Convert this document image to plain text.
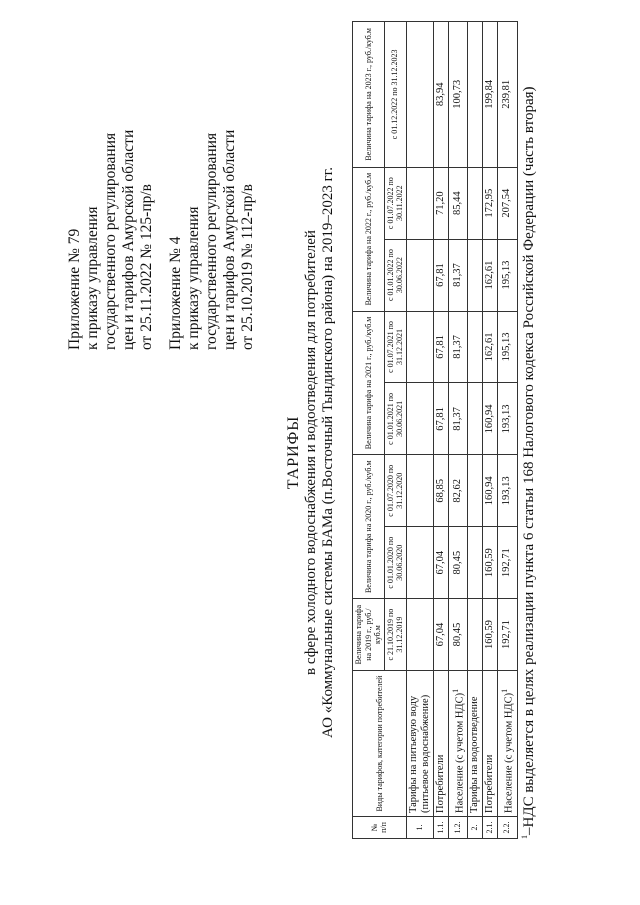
Приложение № 79 к приказу управления государственного регулирования цен и тарифов Амурской области от 25.11.2022 № 125-пр/в Приложение № 4 к приказу управления государственного регулирования цен и тарифов Амурской области от 25.10.2019 № 112-пр/в
ТАРИФЫ в сфере холодного водоснабжения и водоотведения для потребителей АО «Коммунальные системы БАМа (п.Восточный Тындинского района) на 2019–2023 гг.
№ п/п	Виды тарифов, категории потребителей	Величина тарифа на 2019 г., руб./куб.м	Величина тарифа на 2020 г., руб./куб.м		Величина тарифа на 2021 г., руб./куб.м		Величина тарифа на 2022 г., руб./куб.м		Величина тарифа на 2023 г., руб./куб.м
		с 21.10.2019 по 31.12.2019	с 01.01.2020 по 30.06.2020	с 01.07.2020 по 31.12.2020	с 01.01.2021 по 30.06.2021	с 01.07.2021 по 31.12.2021	с 01.01.2022 по 30.06.2022	с 01.07.2022 по 30.11.2022	с 01.12.2022 по 31.12.2023
1.	Тарифы на питьевую воду (питьевое водоснабжение)								
1.1.	Потребители	67,04	67,04	68,85	67,81	67,81	67,81	71,20	83,94
1.2.	Население (с учетом НДС)$^1$	80,45	80,45	82,62	81,37	81,37	81,37	85,44	100,73
2.	Тарифы на водоотведение								
2.1.	Потребители	160,59	160,59	160,94	160,94	162,61	162,61	172,95	199,84
2.2.	Население (с учетом НДС)$^1$	192,71	192,71	193,13	193,13	195,13	195,13	207,54	239,81
$^1$–НДС выделяется в целях реализации пункта 6 статьи 168 Налогового кодекса Российской Федерации (часть вторая)
